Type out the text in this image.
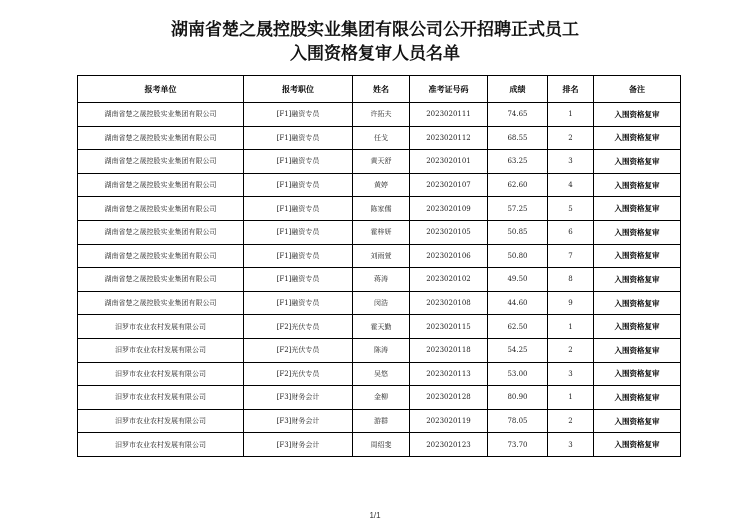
湖南省楚之晟控股实业集团有限公司公开招聘正式员工
入围资格复审人员名单
报考单位	报考职位	姓名	准考证号码	成绩	排名	备注
湖南省楚之晟控股实业集团有限公司	[F1]融资专员	许拓夫	2023020111	74.65	1	入围资格复审
湖南省楚之晟控股实业集团有限公司	[F1]融资专员	任戈	2023020112	68.55	2	入围资格复审
湖南省楚之晟控股实业集团有限公司	[F1]融资专员	黄天舒	2023020101	63.25	3	入围资格复审
湖南省楚之晟控股实业集团有限公司	[F1]融资专员	黄婷	2023020107	62.60	4	入围资格复审
湖南省楚之晟控股实业集团有限公司	[F1]融资专员	陈家儒	2023020109	57.25	5	入围资格复审
湖南省楚之晟控股实业集团有限公司	[F1]融资专员	霍梓妍	2023020105	50.85	6	入围资格复审
湖南省楚之晟控股实业集团有限公司	[F1]融资专员	刘雨萱	2023020106	50.80	7	入围资格复审
湖南省楚之晟控股实业集团有限公司	[F1]融资专员	蒋涛	2023020102	49.50	8	入围资格复审
湖南省楚之晟控股实业集团有限公司	[F1]融资专员	闵浩	2023020108	44.60	9	入围资格复审
汨罗市农业农村发展有限公司	[F2]光伏专员	霍天勤	2023020115	62.50	1	入围资格复审
汨罗市农业农村发展有限公司	[F2]光伏专员	陈涛	2023020118	54.25	2	入围资格复审
汨罗市农业农村发展有限公司	[F2]光伏专员	吴悠	2023020113	53.00	3	入围资格复审
汨罗市农业农村发展有限公司	[F3]财务会计	金柳	2023020128	80.90	1	入围资格复审
汨罗市农业农村发展有限公司	[F3]财务会计	游群	2023020119	78.05	2	入围资格复审
汨罗市农业农村发展有限公司	[F3]财务会计	周绍斐	2023020123	73.70	3	入围资格复审
1/1
